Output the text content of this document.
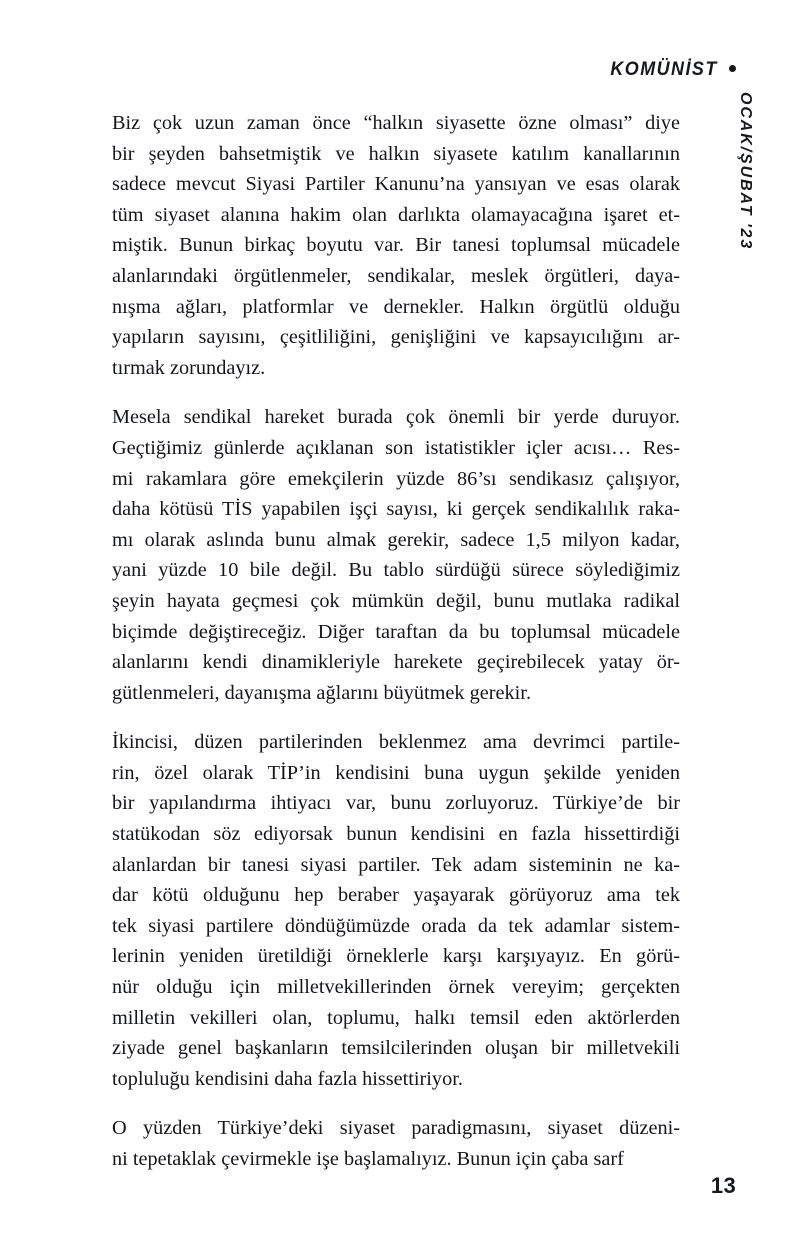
KOMÜNİST
OCAK/ŞUBAT '23

Biz çok uzun zaman önce “halkın siyasette özne olması” diye
bir şeyden bahsetmiştik ve halkın siyasete katılım kanallarının
sadece mevcut Siyasi Partiler Kanunu’na yansıyan ve esas olarak
tüm siyaset alanına hakim olan darlıkta olamayacağına işaret et-
miştik. Bunun birkaç boyutu var. Bir tanesi toplumsal mücadele
alanlarındaki örgütlenmeler, sendikalar, meslek örgütleri, daya-
nışma ağları, platformlar ve dernekler. Halkın örgütlü olduğu
yapıların sayısını, çeşitliliğini, genişliğini ve kapsayıcılığını ar-
tırmak zorundayız.

Mesela sendikal hareket burada çok önemli bir yerde duruyor.
Geçtiğimiz günlerde açıklanan son istatistikler içler acısı… Res-
mi rakamlara göre emekçilerin yüzde 86’sı sendikasız çalışıyor,
daha kötüsü TİS yapabilen işçi sayısı, ki gerçek sendikalılık raka-
mı olarak aslında bunu almak gerekir, sadece 1,5 milyon kadar,
yani yüzde 10 bile değil. Bu tablo sürdüğü sürece söylediğimiz
şeyin hayata geçmesi çok mümkün değil, bunu mutlaka radikal
biçimde değiştireceğiz. Diğer taraftan da bu toplumsal mücadele
alanlarını kendi dinamikleriyle harekete geçirebilecek yatay ör-
gütlenmeleri, dayanışma ağlarını büyütmek gerekir.

İkincisi, düzen partilerinden beklenmez ama devrimci partile-
rin, özel olarak TİP’in kendisini buna uygun şekilde yeniden
bir yapılandırma ihtiyacı var, bunu zorluyoruz. Türkiye’de bir
statükodan söz ediyorsak bunun kendisini en fazla hissettirdiği
alanlardan bir tanesi siyasi partiler. Tek adam sisteminin ne ka-
dar kötü olduğunu hep beraber yaşayarak görüyoruz ama tek
tek siyasi partilere döndüğümüzde orada da tek adamlar sistem-
lerinin yeniden üretildiği örneklerle karşı karşıyayız. En görü-
nür olduğu için milletvekillerinden örnek vereyim; gerçekten
milletin vekilleri olan, toplumu, halkı temsil eden aktörlerden
ziyade genel başkanların temsilcilerinden oluşan bir milletvekili
topluluğu kendisini daha fazla hissettiriyor.

O yüzden Türkiye’deki siyaset paradigmasını, siyaset düzeni-
ni tepetaklak çevirmekle işe başlamalıyız. Bunun için çaba sarf

13
